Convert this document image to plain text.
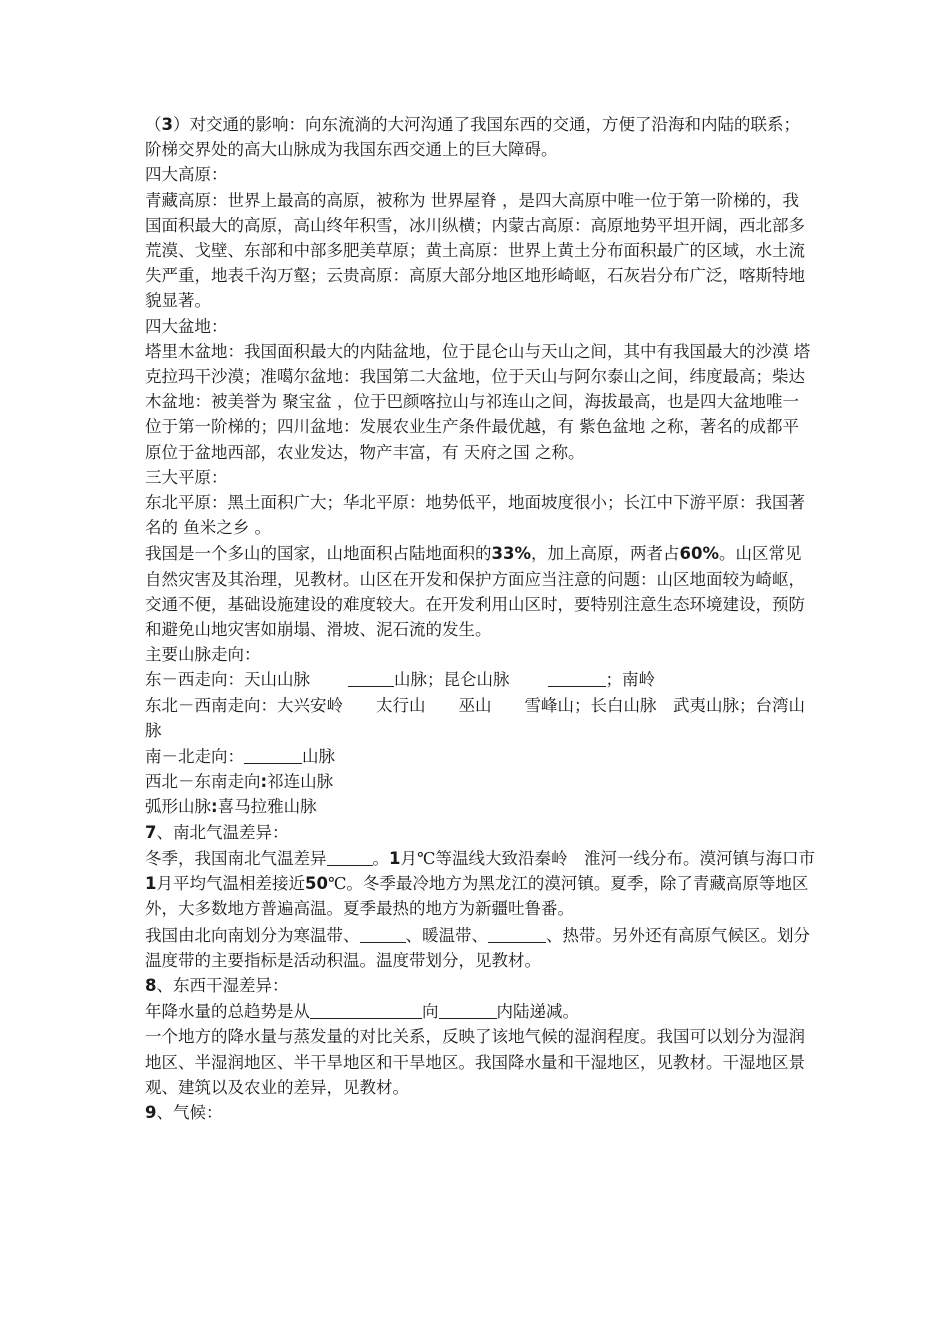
（3）对交通的影响：向东流淌的大河沟通了我国东西的交通，方便了沿海和内陆的联系；阶梯交界处的高大山脉成为我国东西交通上的巨大障碍。

四大高原：

青藏高原：世界上最高的高原，被称为 世界屋脊 ，是四大高原中唯一位于第一阶梯的，我国面积最大的高原，高山终年积雪，冰川纵横；内蒙古高原：高原地势平坦开阔，西北部多荒漠、戈壁、东部和中部多肥美草原；黄土高原：世界上黄土分布面积最广的区域，水土流失严重，地表千沟万壑；云贵高原：高原大部分地区地形崎岖，石灰岩分布广泛，喀斯特地貌显著。

四大盆地：

塔里木盆地：我国面积最大的内陆盆地，位于昆仑山与天山之间，其中有我国最大的沙漠 塔克拉玛干沙漠；准噶尔盆地：我国第二大盆地，位于天山与阿尔泰山之间，纬度最高；柴达木盆地：被美誉为 聚宝盆 ，位于巴颜喀拉山与祁连山之间，海拔最高，也是四大盆地唯一位于第一阶梯的；四川盆地：发展农业生产条件最优越，有 紫色盆地 之称，著名的成都平原位于盆地西部，农业发达，物产丰富，有 天府之国 之称。

三大平原：

东北平原：黑土面积广大；华北平原：地势低平，地面坡度很小；长江中下游平原：我国著名的 鱼米之乡 。

我国是一个多山的国家，山地面积占陆地面积的33%，加上高原，两者占60%。山区常见自然灾害及其治理，见教材。山区在开发和保护方面应当注意的问题：山区地面较为崎岖，交通不便，基础设施建设的难度较大。在开发利用山区时，要特别注意生态环境建设，预防和避免山地灾害如崩塌、滑坡、泥石流的发生。

主要山脉走向：

东－西走向：天山山脉	山脉；昆仑山脉	；南岭

东北－西南走向：大兴安岭　　太行山　　巫山　　雪峰山；长白山脉　武夷山脉；台湾山脉

南－北走向：	山脉

西北－东南走向:祁连山脉

弧形山脉:喜马拉雅山脉

7、南北气温差异：

冬季，我国南北气温差异	。1月℃等温线大致沿秦岭　淮河一线分布。漠河镇与海口市1月平均气温相差接近50℃。冬季最冷地方为黑龙江的漠河镇。夏季，除了青藏高原等地区外，大多数地方普遍高温。夏季最热的地方为新疆吐鲁番。

我国由北向南划分为寒温带、	、暖温带、	、热带。另外还有高原气候区。划分温度带的主要指标是活动积温。温度带划分，见教材。

8、东西干湿差异：

年降水量的总趋势是从	向	内陆递减。

一个地方的降水量与蒸发量的对比关系，反映了该地气候的湿润程度。我国可以划分为湿润地区、半湿润地区、半干旱地区和干旱地区。我国降水量和干湿地区，见教材。干湿地区景观、建筑以及农业的差异，见教材。

9、气候：
